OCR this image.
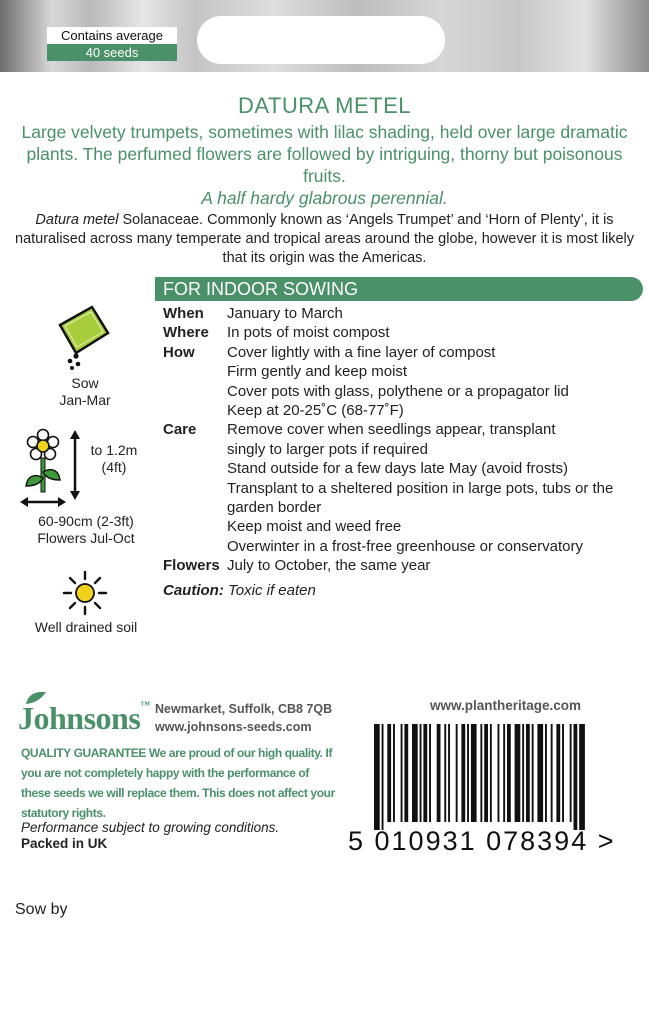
Contains average
40 seeds
DATURA METEL

Large velvety trumpets, sometimes with lilac shading, held over large dramatic plants. The perfumed flowers are followed by intriguing, thorny but poisonous fruits.
A half hardy glabrous perennial.

Datura metel Solanaceae. Commonly known as ‘Angels Trumpet’ and ‘Horn of Plenty’, it is naturalised across many temperate and tropical areas around the globe, however it is most likely that its origin was the Americas.

FOR INDOOR SOWING
When	January to March
Where	In pots of moist compost
How	Cover lightly with a fine layer of compost
Firm gently and keep moist
Cover pots with glass, polythene or a propagator lid
Keep at 20-25˚C (68-77˚F)
Care	Remove cover when seedlings appear, transplant
singly to larger pots if required
Stand outside for a few days late May (avoid frosts)
Transplant to a sheltered position in large pots, tubs or the
garden border
Keep moist and weed free
Overwinter in a frost-free greenhouse or conservatory
Flowers July to October, the same year
Caution: Toxic if eaten
Sow
Jan-Mar
to 1.2m
(4ft)
60-90cm (2-3ft)
Flowers Jul-Oct
Well drained soil
Johnsons™ Newmarket, Suffolk, CB8 7QB
www.johnsons-seeds.com
www.plantheritage.com
QUALITY GUARANTEE We are proud of our high quality. If you are not completely happy with the performance of these seeds we will replace them. This does not affect your statutory rights.
Performance subject to growing conditions.
Packed in UK
Sow by
5 010931 078394 >
